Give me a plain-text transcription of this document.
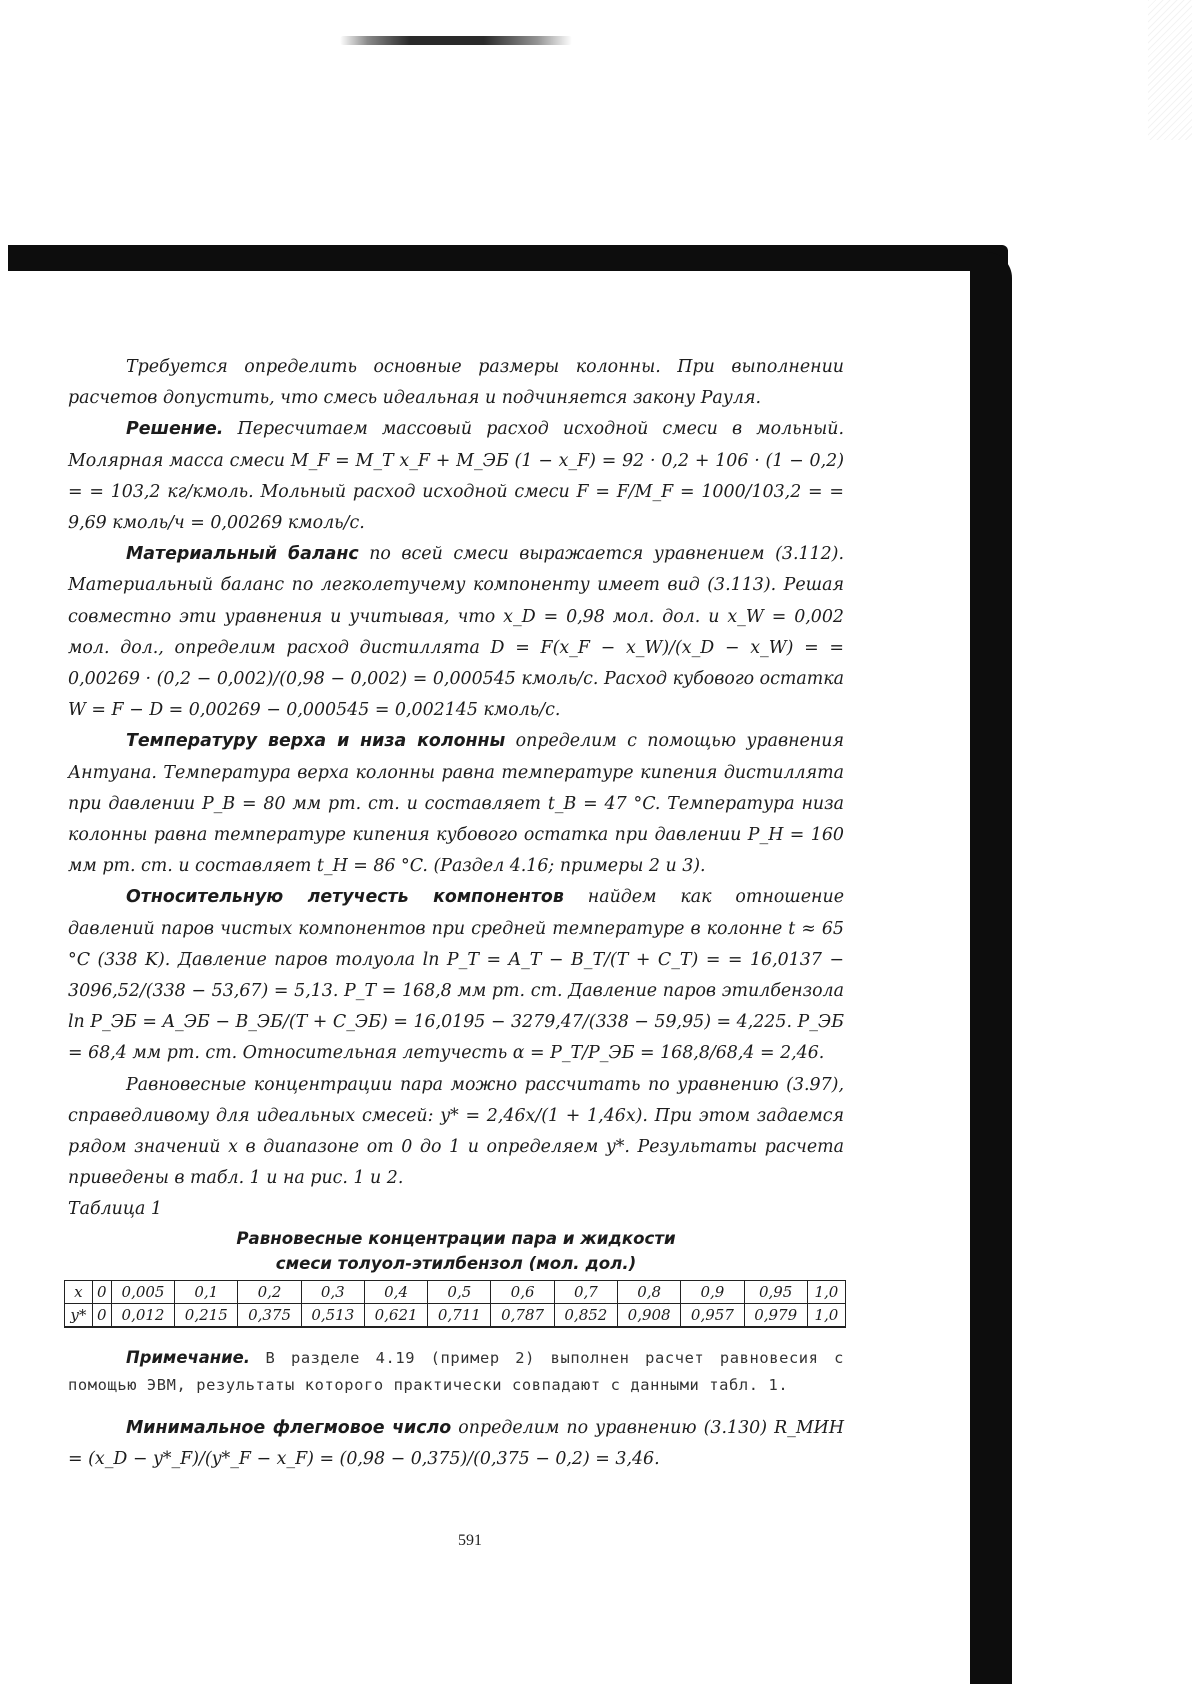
Требуется определить основные размеры колонны. При выполнении расчетов допустить, что смесь идеальная и подчиняется закону Рауля.

Решение. Пересчитаем массовый расход исходной смеси в мольный. Молярная масса смеси M_F = M_T x_F + M_ЭБ (1 − x_F) = 92 · 0,2 + 106 · (1 − 0,2) = = 103,2 кг/кмоль. Мольный расход исходной смеси F = F/M_F = 1000/103,2 = = 9,69 кмоль/ч = 0,00269 кмоль/с.

Материальный баланс по всей смеси выражается уравнением (3.112). Материальный баланс по легколетучему компоненту имеет вид (3.113). Решая совместно эти уравнения и учитывая, что x_D = 0,98 мол. дол. и x_W = 0,002 мол. дол., определим расход дистиллята D = F(x_F − x_W)/(x_D − x_W) = = 0,00269 · (0,2 − 0,002)/(0,98 − 0,002) = 0,000545 кмоль/с. Расход кубового остатка W = F − D = 0,00269 − 0,000545 = 0,002145 кмоль/с.

Температуру верха и низа колонны определим с помощью уравнения Антуана. Температура верха колонны равна температуре кипения дистиллята при давлении P_B = 80 мм рт. ст. и составляет t_B = 47 °C. Температура низа колонны равна температуре кипения кубового остатка при давлении P_H = 160 мм рт. ст. и составляет t_H = 86 °C. (Раздел 4.16; примеры 2 и 3).

Относительную летучесть компонентов найдем как отношение давлений паров чистых компонентов при средней температуре в колонне t ≈ 65 °C (338 K). Давление паров толуола ln P_T = A_T − B_T/(T + C_T) = = 16,0137 − 3096,52/(338 − 53,67) = 5,13. P_T = 168,8 мм рт. ст. Давление паров этилбензола ln P_ЭБ = A_ЭБ − B_ЭБ/(T + C_ЭБ) = 16,0195 − 3279,47/(338 − 59,95) = 4,225. P_ЭБ = 68,4 мм рт. ст. Относительная летучесть α = P_T/P_ЭБ = 168,8/68,4 = 2,46.

Равновесные концентрации пара можно рассчитать по уравнению (3.97), справедливому для идеальных смесей: y* = 2,46x/(1 + 1,46x). При этом задаемся рядом значений x в диапазоне от 0 до 1 и определяем y*. Результаты расчета приведены в табл. 1 и на рис. 1 и 2.

Таблица 1

Равновесные концентрации пара и жидкости
смеси толуол-этилбензол (мол. дол.)
x	0	0,005	0,1	0,2	0,3	0,4	0,5	0,6	0,7	0,8	0,9	0,95	1,0
y*	0	0,012	0,215	0,375	0,513	0,621	0,711	0,787	0,852	0,908	0,957	0,979	1,0

Примечание. В разделе 4.19 (пример 2) выполнен расчет равновесия с помощью ЭВМ, результаты которого практически совпадают с данными табл. 1.

Минимальное флегмовое число определим по уравнению (3.130) R_МИН = (x_D − y*_F)/(y*_F − x_F) = (0,98 − 0,375)/(0,375 − 0,2) = 3,46.

591
